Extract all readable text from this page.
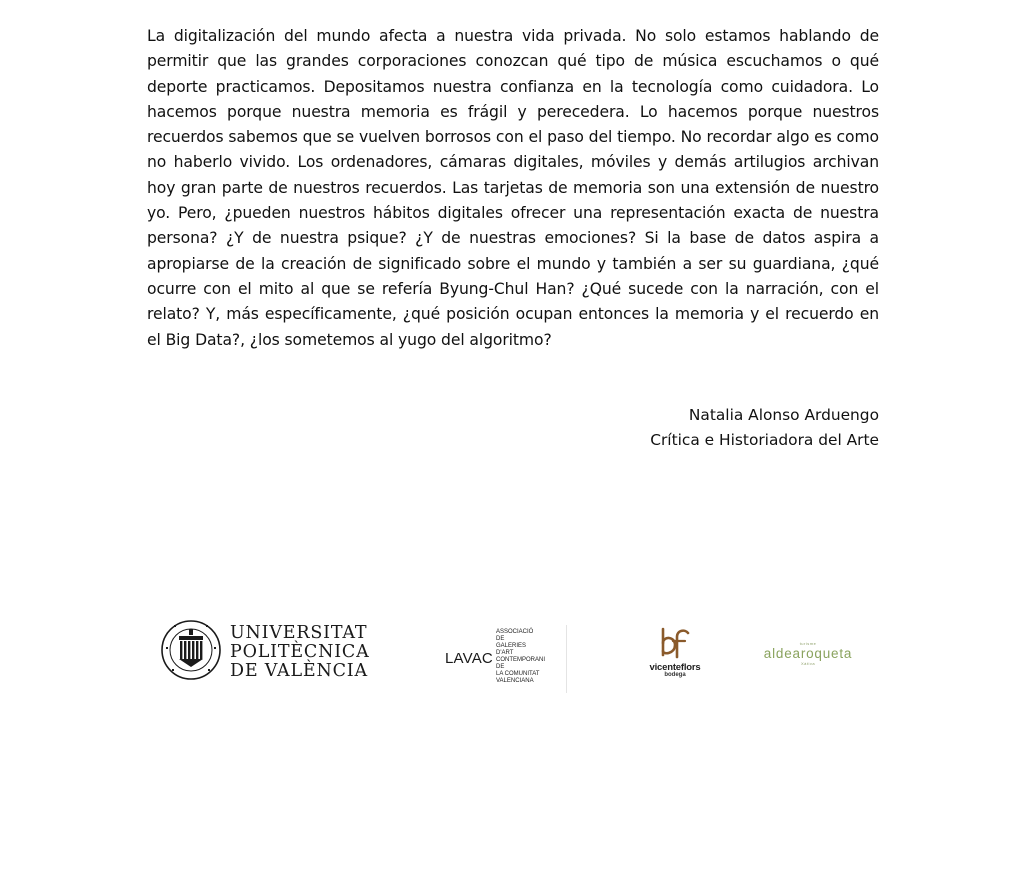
La digitalización del mundo afecta a nuestra vida privada. No solo estamos hablando de permitir que las grandes corporaciones conozcan qué tipo de música escuchamos o qué deporte practicamos. Depositamos nuestra confianza en la tecnología como cuidadora. Lo hacemos porque nuestra memoria es frágil y perecedera. Lo hacemos porque nuestros recuerdos sabemos que se vuelven borrosos con el paso del tiempo. No recordar algo es como no haberlo vivido. Los ordenadores, cámaras digitales, móviles y demás artilugios archivan hoy gran parte de nuestros recuerdos. Las tarjetas de memoria son una extensión de nuestro yo. Pero, ¿pueden nuestros hábitos digitales ofrecer una representación exacta de nuestra persona? ¿Y de nuestra psique? ¿Y de nuestras emociones? Si la base de datos aspira a apropiarse de la creación de significado sobre el mundo y también a ser su guardiana, ¿qué ocurre con el mito al que se refería Byung-Chul Han? ¿Qué sucede con la narración, con el relato? Y, más específicamente, ¿qué posición ocupan entonces la memoria y el recuerdo en el Big Data?, ¿los sometemos al yugo del algoritmo?

Natalia Alonso Arduengo
Crítica e Historiadora del Arte
UNIVERSITAT
POLITÈCNICA
DE VALÈNCIA
LAVAC
ASSOCIACIÓ
DE
GALERIES
D'ART
CONTEMPORANI
DE
LA COMUNITAT
VALENCIANA
vicenteflors
bodega
turisme
aldearoqueta
Xàtiva
